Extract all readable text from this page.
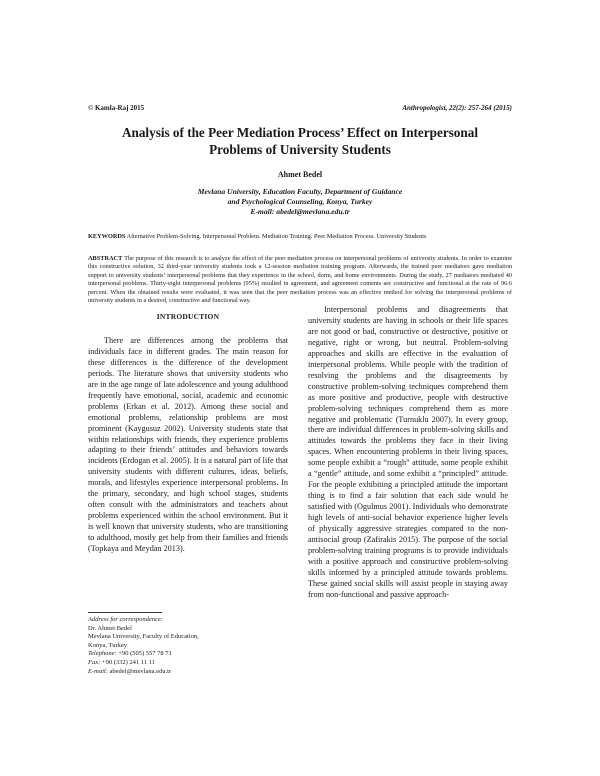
© Kamla-Raj 2015	Anthropologist, 22(2): 257-264 (2015)
Analysis of the Peer Mediation Process’ Effect on Interpersonal
Problems of University Students
Ahmet Bedel
Mevlana University, Education Faculty, Department of Guidance
and Psychological Counseling, Konya, Turkey
E-mail: abedel@mevlana.edu.tr
KEYWORDS Alternative Problem-Solving. Interpersonal Problem. Mediation Training. Peer Mediation Process. University Students
ABSTRACT The purpose of this research is to analyze the effect of the peer mediation process on interpersonal problems of university students. In order to examine this constructive solution, 32 third-year university students took a 12-session mediation training program. Afterwards, the trained peer mediators gave mediation support to university students’ interpersonal problems that they experience in the school, dorm, and home environments. During the study, 27 mediators mediated 40 interpersonal problems. Thirty-eight interpersonal problems (95%) resulted in agreement, and agreement contents are constructive and functional at the rate of 96.6 percent. When the obtained results were evaluated, it was seen that the peer mediation process was an effective method for solving the interpersonal problems of university students in a desired, constructive and functional way.
INTRODUCTION

There are differences among the problems that individuals face in different grades. The main reason for these differences is the difference of the development periods. The literature shows that university students who are in the age range of late adolescence and young adulthood frequently have emotional, social, academic and economic problems (Erkan et al. 2012). Among these social and emotional problems, relationship problems are most prominent (Kaygusuz 2002). University students state that within relationships with friends, they experience problems adapting to their friends’ attitudes and behaviors towards incidents (Erdogan et al. 2005). It is a natural part of life that university students with different cultures, ideas, beliefs, morals, and lifestyles experience interpersonal problems. In the primary, secondary, and high school stages, students often consult with the administrators and teachers about problems experienced within the school environment. But it is well known that university students, who are transitioning to adulthood, mostly get help from their families and friends (Topkaya and Meydan 2013).

Address for correspondence:
Dr. Ahmet Bedel
Mevlana University, Faculty of Education,
Konya, Turkey
Telephone: +90 (505) 557 78 71
Fax: +90 (332) 241 11 11
E-mail: abedel@mevlana.edu.tr

Interpersonal problems and disagreements that university students are having in schools or their life spaces are not good or bad, constructive or destructive, positive or negative, right or wrong, but neutral. Problem-solving approaches and skills are effective in the evaluation of interpersonal problems. While people with the tradition of resolving the problems and the disagreements by constructive problem-solving techniques comprehend them as more positive and productive, people with destructive problem-solving techniques comprehend them as more negative and problematic (Turnuklu 2007). In every group, there are individual differences in problem-solving skills and attitudes towards the problems they face in their living spaces. When encountering problems in their living spaces, some people exhibit a “rough” attitude, some people exhibit a “gentle” attitude, and some exhibit a “principled” attitude. For the people exhibiting a principled attitude the important thing is to find a fair solution that each side would be satisfied with (Ogulmus 2001). Individuals who demonstrate high levels of anti-social behavior experience higher levels of physically aggressive strategies compared to the non-antisocial group (Zafirakis 2015). The purpose of the social problem-solving training programs is to provide individuals with a positive approach and constructive problem-solving skills informed by a principled attitude towards problems. These gained social skills will assist people in staying away from non-functional and passive approach-
